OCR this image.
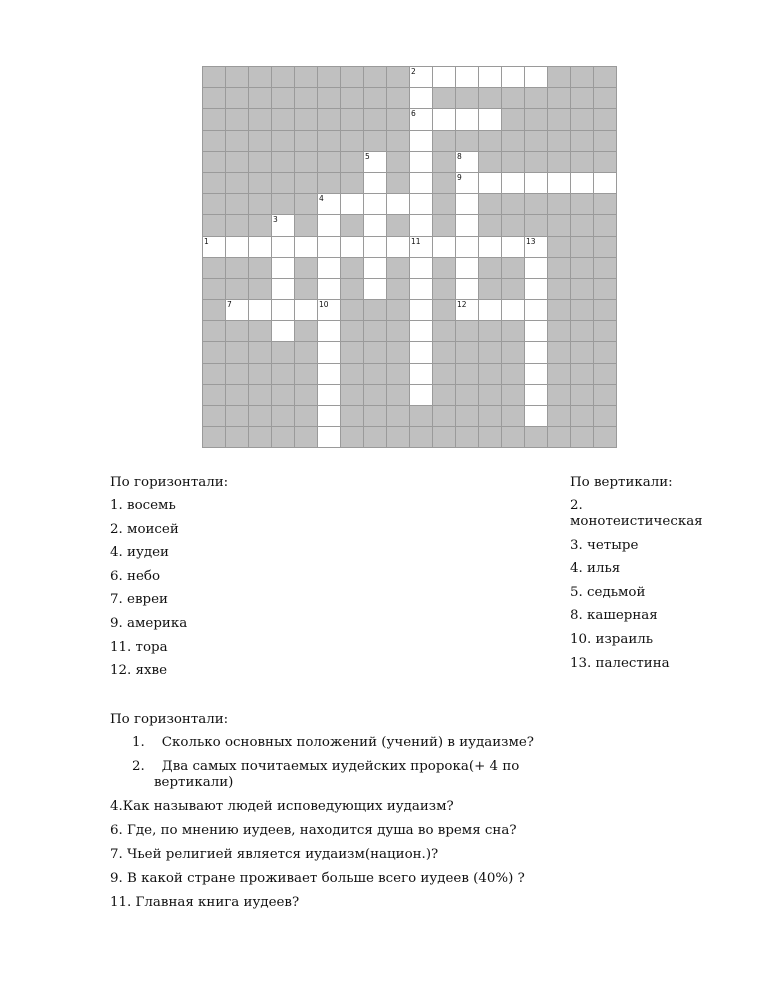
2
6
5	8
9
4
3
1	11	13
7	10	12

По горизонтали:

1. восемь

2. моисей

4. иудеи

6. небо

7. евреи

9. америка

11. тора

12. яхве

По вертикали:

2.
монотеистическая

3. четыре

4. илья

5. седьмой

8. кашерная

10. израиль

13. палестина

По горизонтали:

1.    Сколько основных положений (учений) в иудаизме?

2.    Два самых почитаемых иудейских пророка(+ 4 по вертикали)

4.Как называют людей исповедующих иудаизм?

6. Где, по мнению иудеев, находится душа во время сна?

7. Чьей религией является иудаизм(национ.)?

9. В какой стране проживает больше всего иудеев (40%) ?

11. Главная книга иудеев?
